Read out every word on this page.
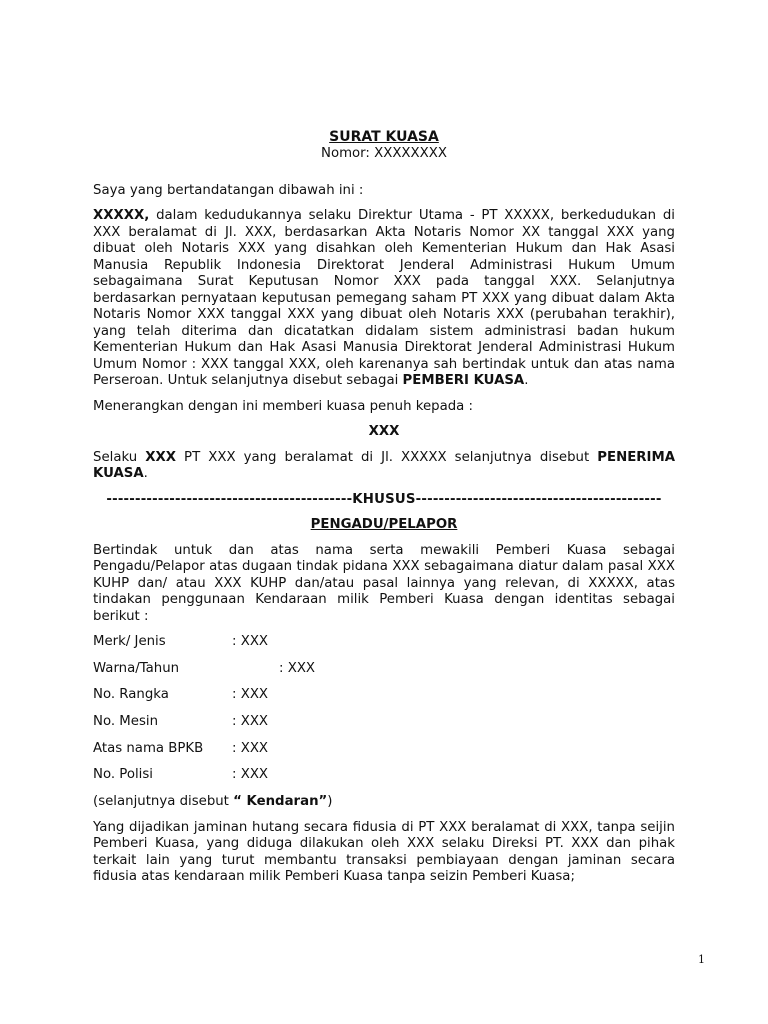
SURAT KUASA
Nomor: XXXXXXXX

Saya yang bertandatangan dibawah ini :

XXXXX, dalam kedudukannya selaku Direktur Utama - PT XXXXX, berkedudukan di XXX beralamat di Jl. XXX, berdasarkan Akta Notaris Nomor XX tanggal XXX yang dibuat oleh Notaris XXX yang disahkan oleh Kementerian Hukum dan Hak Asasi Manusia Republik Indonesia Direktorat Jenderal Administrasi Hukum Umum sebagaimana Surat Keputusan Nomor XXX pada tanggal XXX. Selanjutnya berdasarkan pernyataan keputusan pemegang saham PT XXX yang dibuat dalam Akta Notaris Nomor XXX tanggal XXX yang dibuat oleh Notaris XXX (perubahan terakhir), yang telah diterima dan dicatatkan didalam sistem administrasi badan hukum Kementerian Hukum dan Hak Asasi Manusia Direktorat Jenderal Administrasi Hukum Umum Nomor : XXX tanggal XXX, oleh karenanya sah bertindak untuk dan atas nama Perseroan. Untuk selanjutnya disebut sebagai PEMBERI KUASA.

Menerangkan dengan ini memberi kuasa penuh kepada :

XXX

Selaku XXX PT XXX yang beralamat di Jl. XXXXX selanjutnya disebut PENERIMA KUASA.

-------------------------------------------KHUSUS-------------------------------------------

PENGADU/PELAPOR

Bertindak untuk dan atas nama serta mewakili Pemberi Kuasa sebagai Pengadu/Pelapor atas dugaan tindak pidana XXX sebagaimana diatur dalam pasal XXX KUHP dan/ atau XXX KUHP dan/atau pasal lainnya yang relevan, di XXXXX, atas tindakan penggunaan Kendaraan milik Pemberi Kuasa dengan identitas sebagai berikut :

Merk/ Jenis	: XXX
Warna/Tahun	: XXX
No. Rangka	: XXX
No. Mesin	: XXX
Atas nama BPKB	: XXX
No. Polisi	: XXX

(selanjutnya disebut “ Kendaran”)

Yang dijadikan jaminan hutang secara fidusia di PT XXX beralamat di XXX, tanpa seijin Pemberi Kuasa, yang diduga dilakukan oleh XXX selaku Direksi PT. XXX dan pihak terkait lain yang turut membantu transaksi pembiayaan dengan jaminan secara fidusia atas kendaraan milik Pemberi Kuasa tanpa seizin Pemberi Kuasa;

1
